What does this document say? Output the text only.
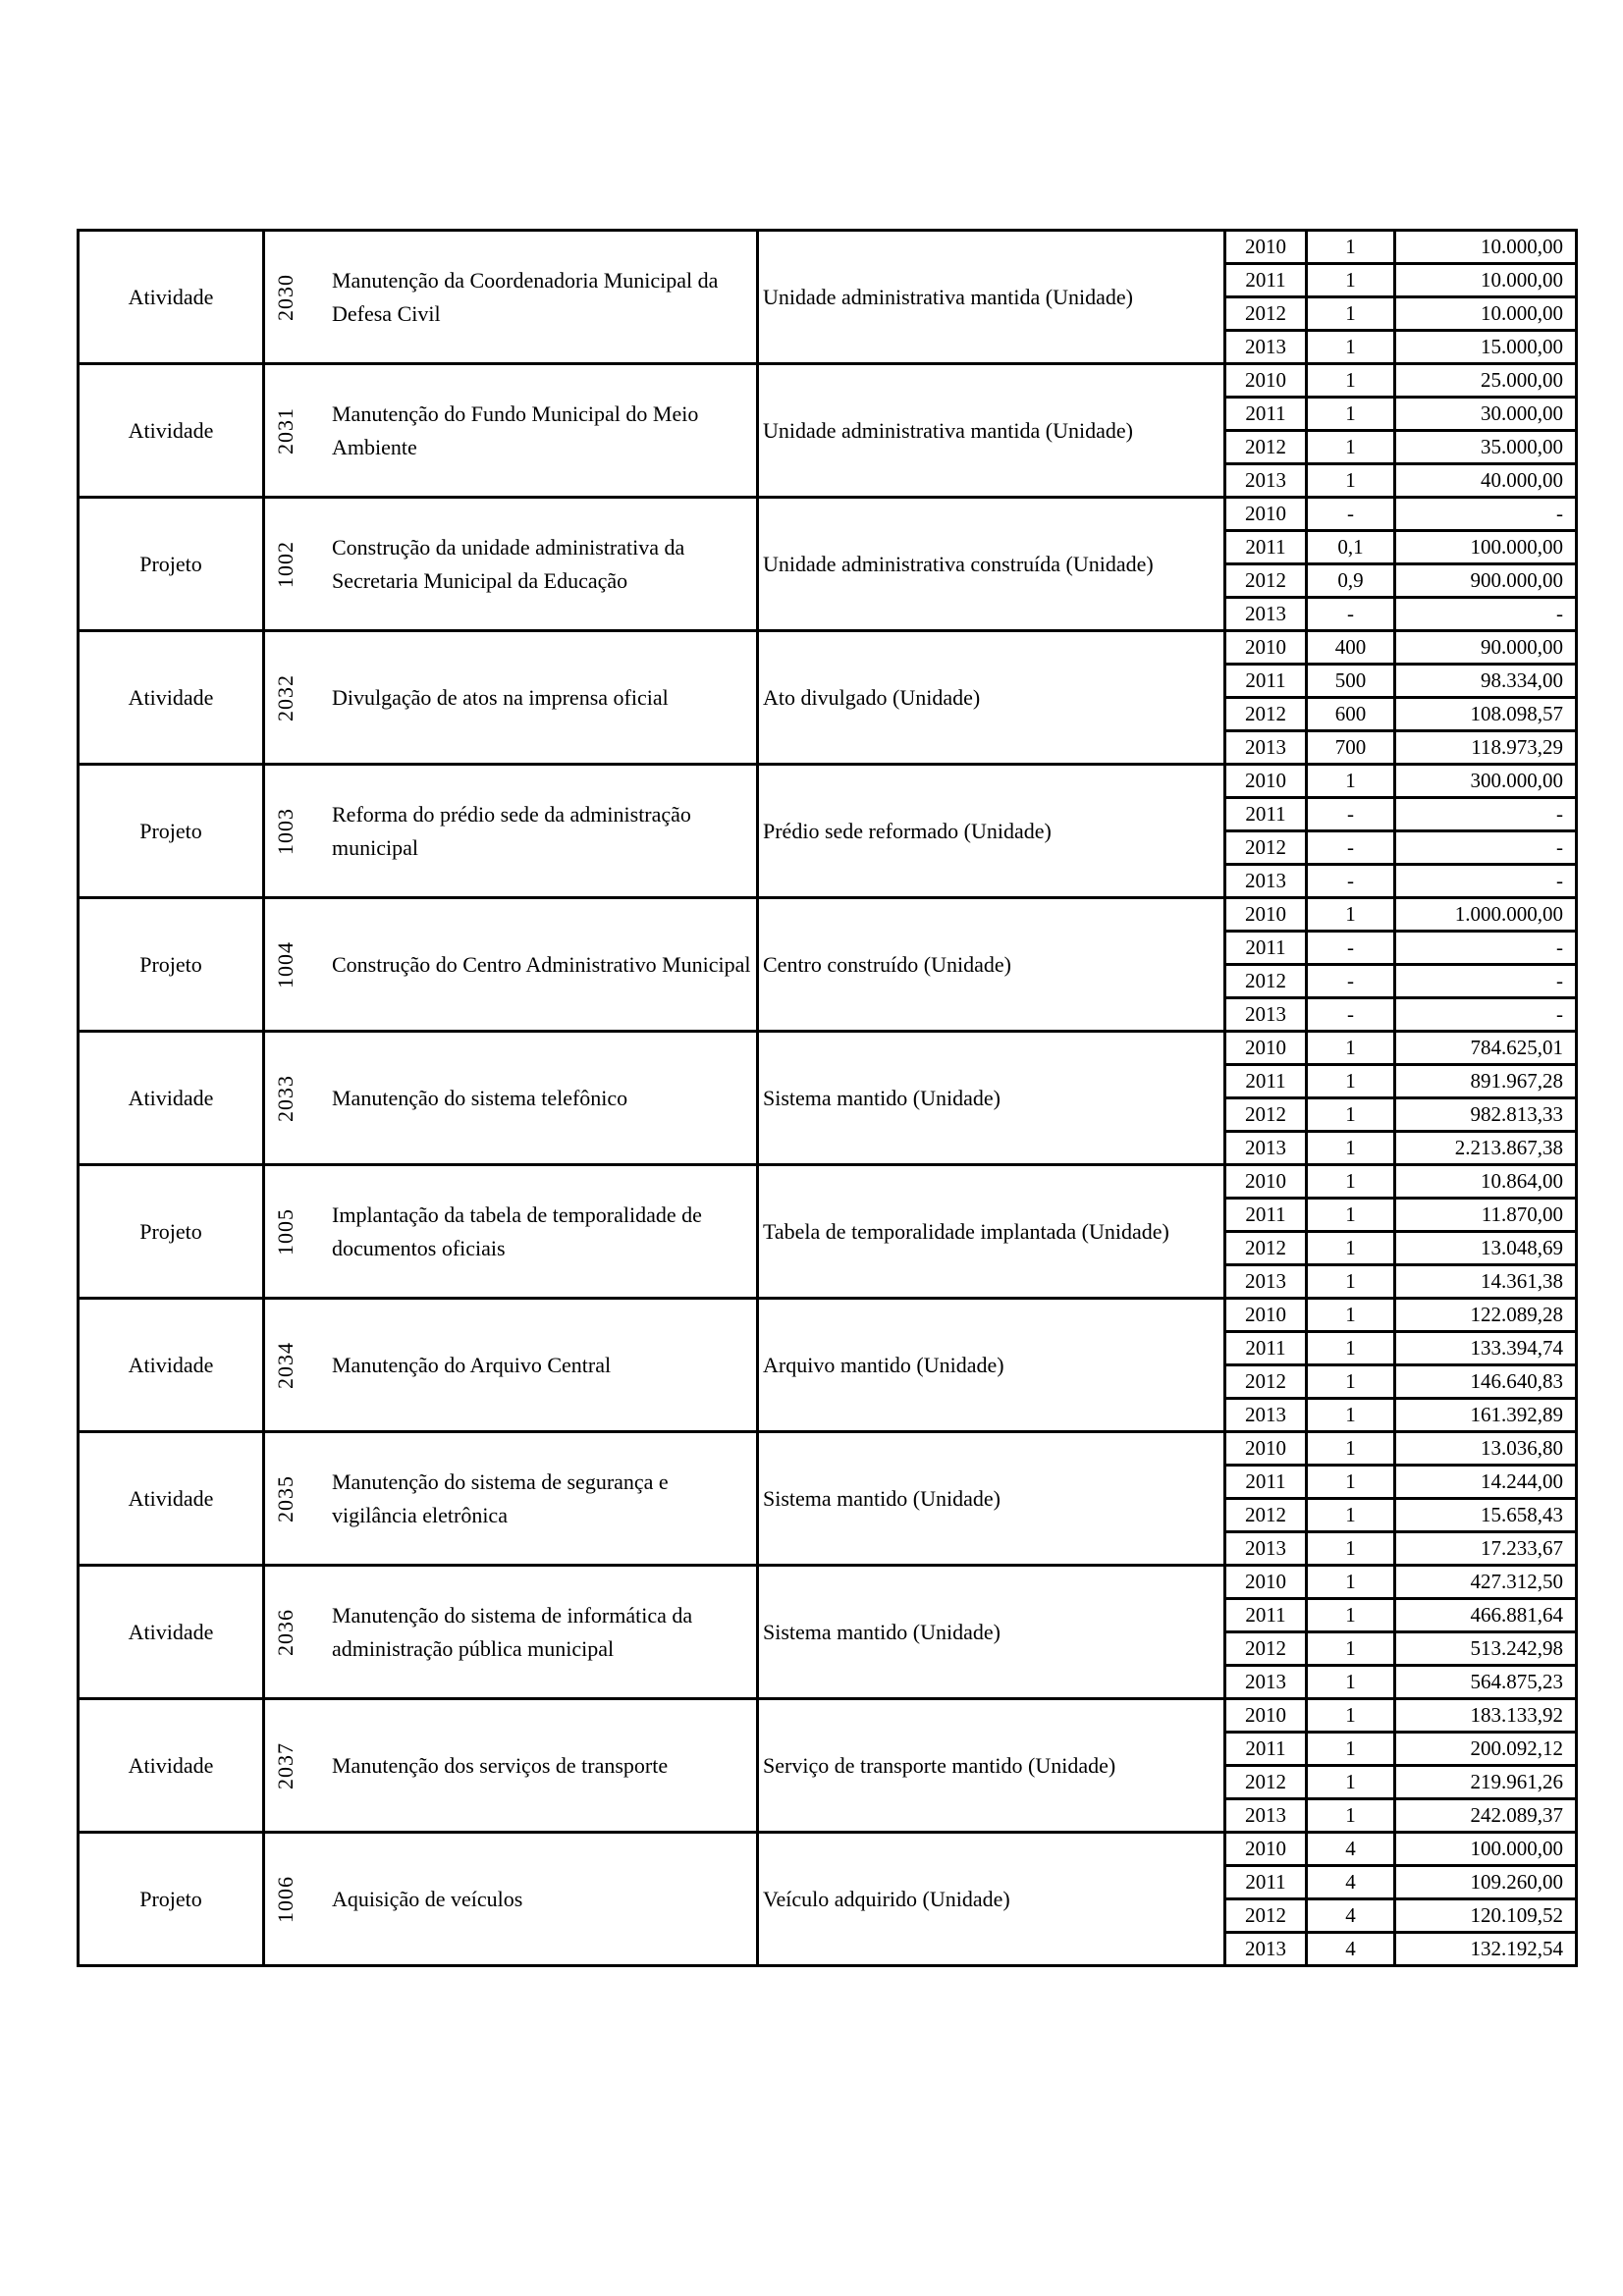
Atividade	2030 Manutenção da Coordenadoria Municipal da Defesa Civil	Unidade administrativa mantida (Unidade)	2010	1	10.000,00
			2011	1	10.000,00
			2012	1	10.000,00
			2013	1	15.000,00
Atividade	2031 Manutenção do Fundo Municipal do Meio Ambiente	Unidade administrativa mantida (Unidade)	2010	1	25.000,00
			2011	1	30.000,00
			2012	1	35.000,00
			2013	1	40.000,00
Projeto	1002 Construção da unidade administrativa da Secretaria Municipal da Educação	Unidade administrativa construída (Unidade)	2010	-	-
			2011	0,1	100.000,00
			2012	0,9	900.000,00
			2013	-	-
Atividade	2032 Divulgação de atos na imprensa oficial	Ato divulgado (Unidade)	2010	400	90.000,00
			2011	500	98.334,00
			2012	600	108.098,57
			2013	700	118.973,29
Projeto	1003 Reforma do prédio sede da administração municipal	Prédio sede reformado (Unidade)	2010	1	300.000,00
			2011	-	-
			2012	-	-
			2013	-	-
Projeto	1004 Construção do Centro Administrativo Municipal	Centro construído (Unidade)	2010	1	1.000.000,00
			2011	-	-
			2012	-	-
			2013	-	-
Atividade	2033 Manutenção do sistema telefônico	Sistema mantido (Unidade)	2010	1	784.625,01
			2011	1	891.967,28
			2012	1	982.813,33
			2013	1	2.213.867,38
Projeto	1005 Implantação da tabela de temporalidade de documentos oficiais	Tabela de temporalidade implantada (Unidade)	2010	1	10.864,00
			2011	1	11.870,00
			2012	1	13.048,69
			2013	1	14.361,38
Atividade	2034 Manutenção do Arquivo Central	Arquivo mantido (Unidade)	2010	1	122.089,28
			2011	1	133.394,74
			2012	1	146.640,83
			2013	1	161.392,89
Atividade	2035 Manutenção do sistema de segurança e vigilância eletrônica	Sistema mantido (Unidade)	2010	1	13.036,80
			2011	1	14.244,00
			2012	1	15.658,43
			2013	1	17.233,67
Atividade	2036 Manutenção do sistema de informática da administração pública municipal	Sistema mantido (Unidade)	2010	1	427.312,50
			2011	1	466.881,64
			2012	1	513.242,98
			2013	1	564.875,23
Atividade	2037 Manutenção dos serviços de transporte	Serviço de transporte mantido (Unidade)	2010	1	183.133,92
			2011	1	200.092,12
			2012	1	219.961,26
			2013	1	242.089,37
Projeto	1006 Aquisição de veículos	Veículo adquirido (Unidade)	2010	4	100.000,00
			2011	4	109.260,00
			2012	4	120.109,52
			2013	4	132.192,54
